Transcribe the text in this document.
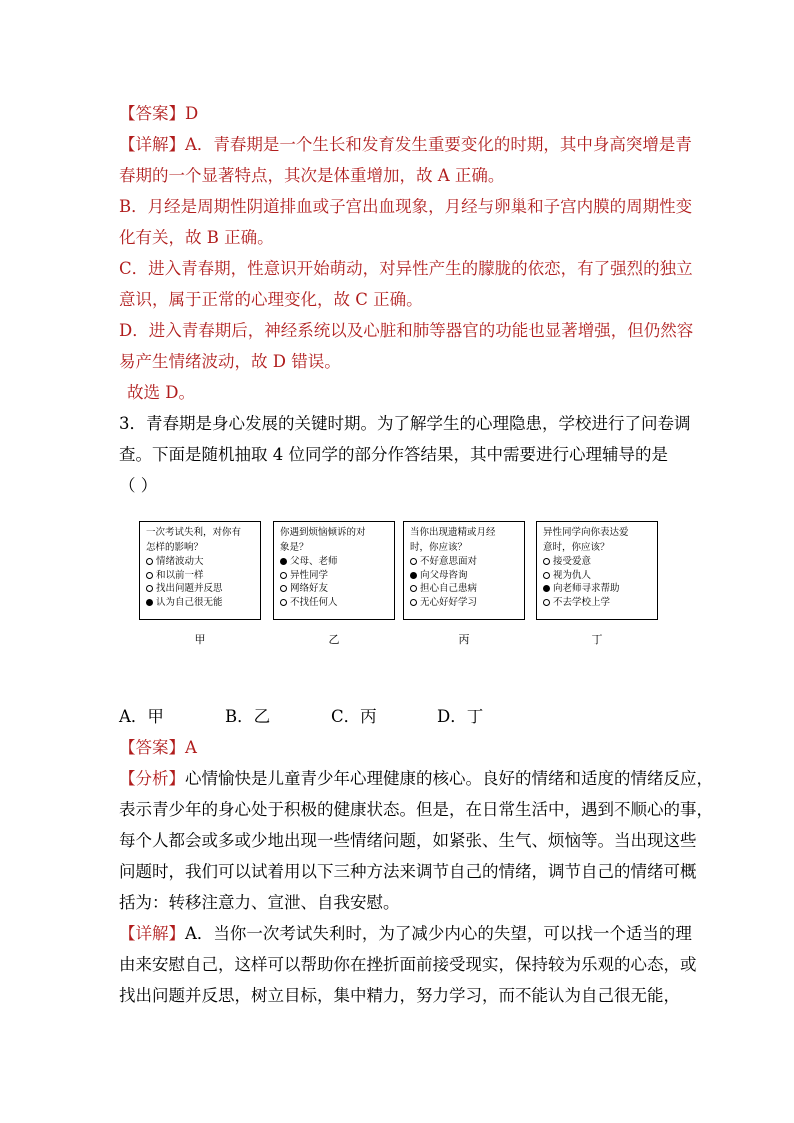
【答案】D
【详解】A．青春期是一个生长和发育发生重要变化的时期，其中身高突增是青
春期的一个显著特点，其次是体重增加，故 A 正确。
B．月经是周期性阴道排血或子宫出血现象，月经与卵巢和子宫内膜的周期性变
化有关，故 B 正确。
C．进入青春期，性意识开始萌动，对异性产生的朦胧的依恋，有了强烈的独立
意识，属于正常的心理变化，故 C 正确。
D．进入青春期后，神经系统以及心脏和肺等器官的功能也显著增强，但仍然容
易产生情绪波动，故 D 错误。
故选 D。
3．青春期是身心发展的关键时期。为了解学生的心理隐患，学校进行了问卷调
查。下面是随机抽取 4 位同学的部分作答结果，其中需要进行心理辅导的是
（ ）
一次考试失利，对你有
怎样的影响？
情绪波动大
和以前一样
找出问题并反思
认为自己很无能
甲
你遇到烦恼倾诉的对
象是？
父母、老师
异性同学
网络好友
不找任何人
乙
当你出现遗精或月经
时，你应该？
不好意思面对
向父母咨询
担心自己患病
无心好好学习
丙
异性同学向你表达爱
意时，你应该？
接受爱意
视为仇人
向老师寻求帮助
不去学校上学
丁
A．甲	B．乙	C．丙	D．丁
【答案】A
【分析】心情愉快是儿童青少年心理健康的核心。良好的情绪和适度的情绪反应，
表示青少年的身心处于积极的健康状态。但是，在日常生活中，遇到不顺心的事，
每个人都会或多或少地出现一些情绪问题，如紧张、生气、烦恼等。当出现这些
问题时，我们可以试着用以下三种方法来调节自己的情绪，调节自己的情绪可概
括为：转移注意力、宣泄、自我安慰。
【详解】A．当你一次考试失利时，为了减少内心的失望，可以找一个适当的理
由来安慰自己，这样可以帮助你在挫折面前接受现实，保持较为乐观的心态，或
找出问题并反思，树立目标，集中精力，努力学习，而不能认为自己很无能，
